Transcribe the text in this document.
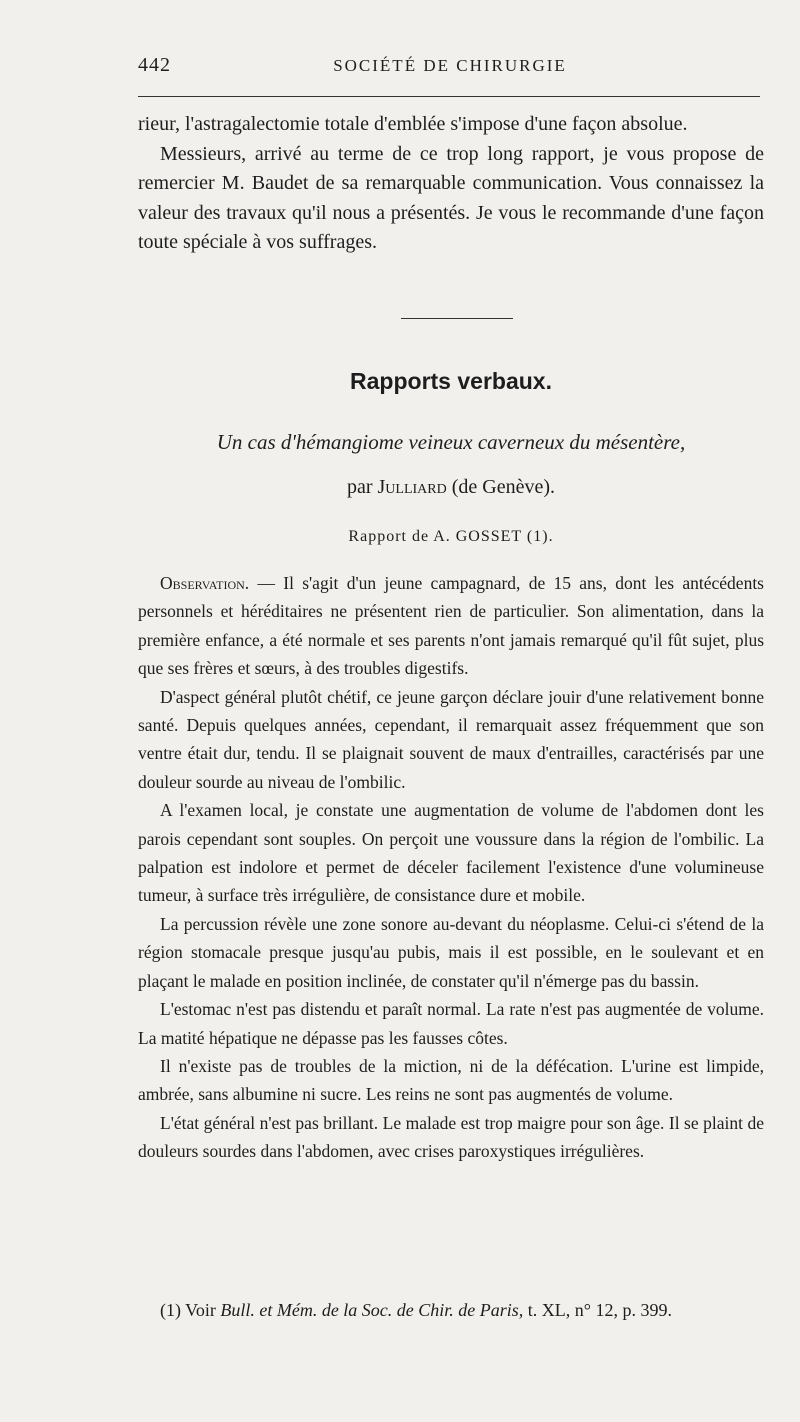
442	SOCIÉTÉ DE CHIRURGIE

rieur, l'astragalectomie totale d'emblée s'impose d'une façon absolue.

Messieurs, arrivé au terme de ce trop long rapport, je vous propose de remercier M. Baudet de sa remarquable communication. Vous connaissez la valeur des travaux qu'il nous a présentés. Je vous le recommande d'une façon toute spéciale à vos suffrages.

Rapports verbaux.
Un cas d'hémangiome veineux caverneux du mésentère,
par Julliard (de Genève).
Rapport de A. GOSSET (1).

Observation. — Il s'agit d'un jeune campagnard, de 15 ans, dont les antécédents personnels et héréditaires ne présentent rien de particulier. Son alimentation, dans la première enfance, a été normale et ses parents n'ont jamais remarqué qu'il fût sujet, plus que ses frères et sœurs, à des troubles digestifs.

D'aspect général plutôt chétif, ce jeune garçon déclare jouir d'une relativement bonne santé. Depuis quelques années, cependant, il remarquait assez fréquemment que son ventre était dur, tendu. Il se plaignait souvent de maux d'entrailles, caractérisés par une douleur sourde au niveau de l'ombilic.

A l'examen local, je constate une augmentation de volume de l'abdomen dont les parois cependant sont souples. On perçoit une voussure dans la région de l'ombilic. La palpation est indolore et permet de déceler facilement l'existence d'une volumineuse tumeur, à surface très irrégulière, de consistance dure et mobile.

La percussion révèle une zone sonore au-devant du néoplasme. Celui-ci s'étend de la région stomacale presque jusqu'au pubis, mais il est possible, en le soulevant et en plaçant le malade en position inclinée, de constater qu'il n'émerge pas du bassin.

L'estomac n'est pas distendu et paraît normal. La rate n'est pas augmentée de volume. La matité hépatique ne dépasse pas les fausses côtes.

Il n'existe pas de troubles de la miction, ni de la défécation. L'urine est limpide, ambrée, sans albumine ni sucre. Les reins ne sont pas augmentés de volume.

L'état général n'est pas brillant. Le malade est trop maigre pour son âge. Il se plaint de douleurs sourdes dans l'abdomen, avec crises paroxystiques irrégulières.

(1) Voir Bull. et Mém. de la Soc. de Chir. de Paris, t. XL, n° 12, p. 399.
